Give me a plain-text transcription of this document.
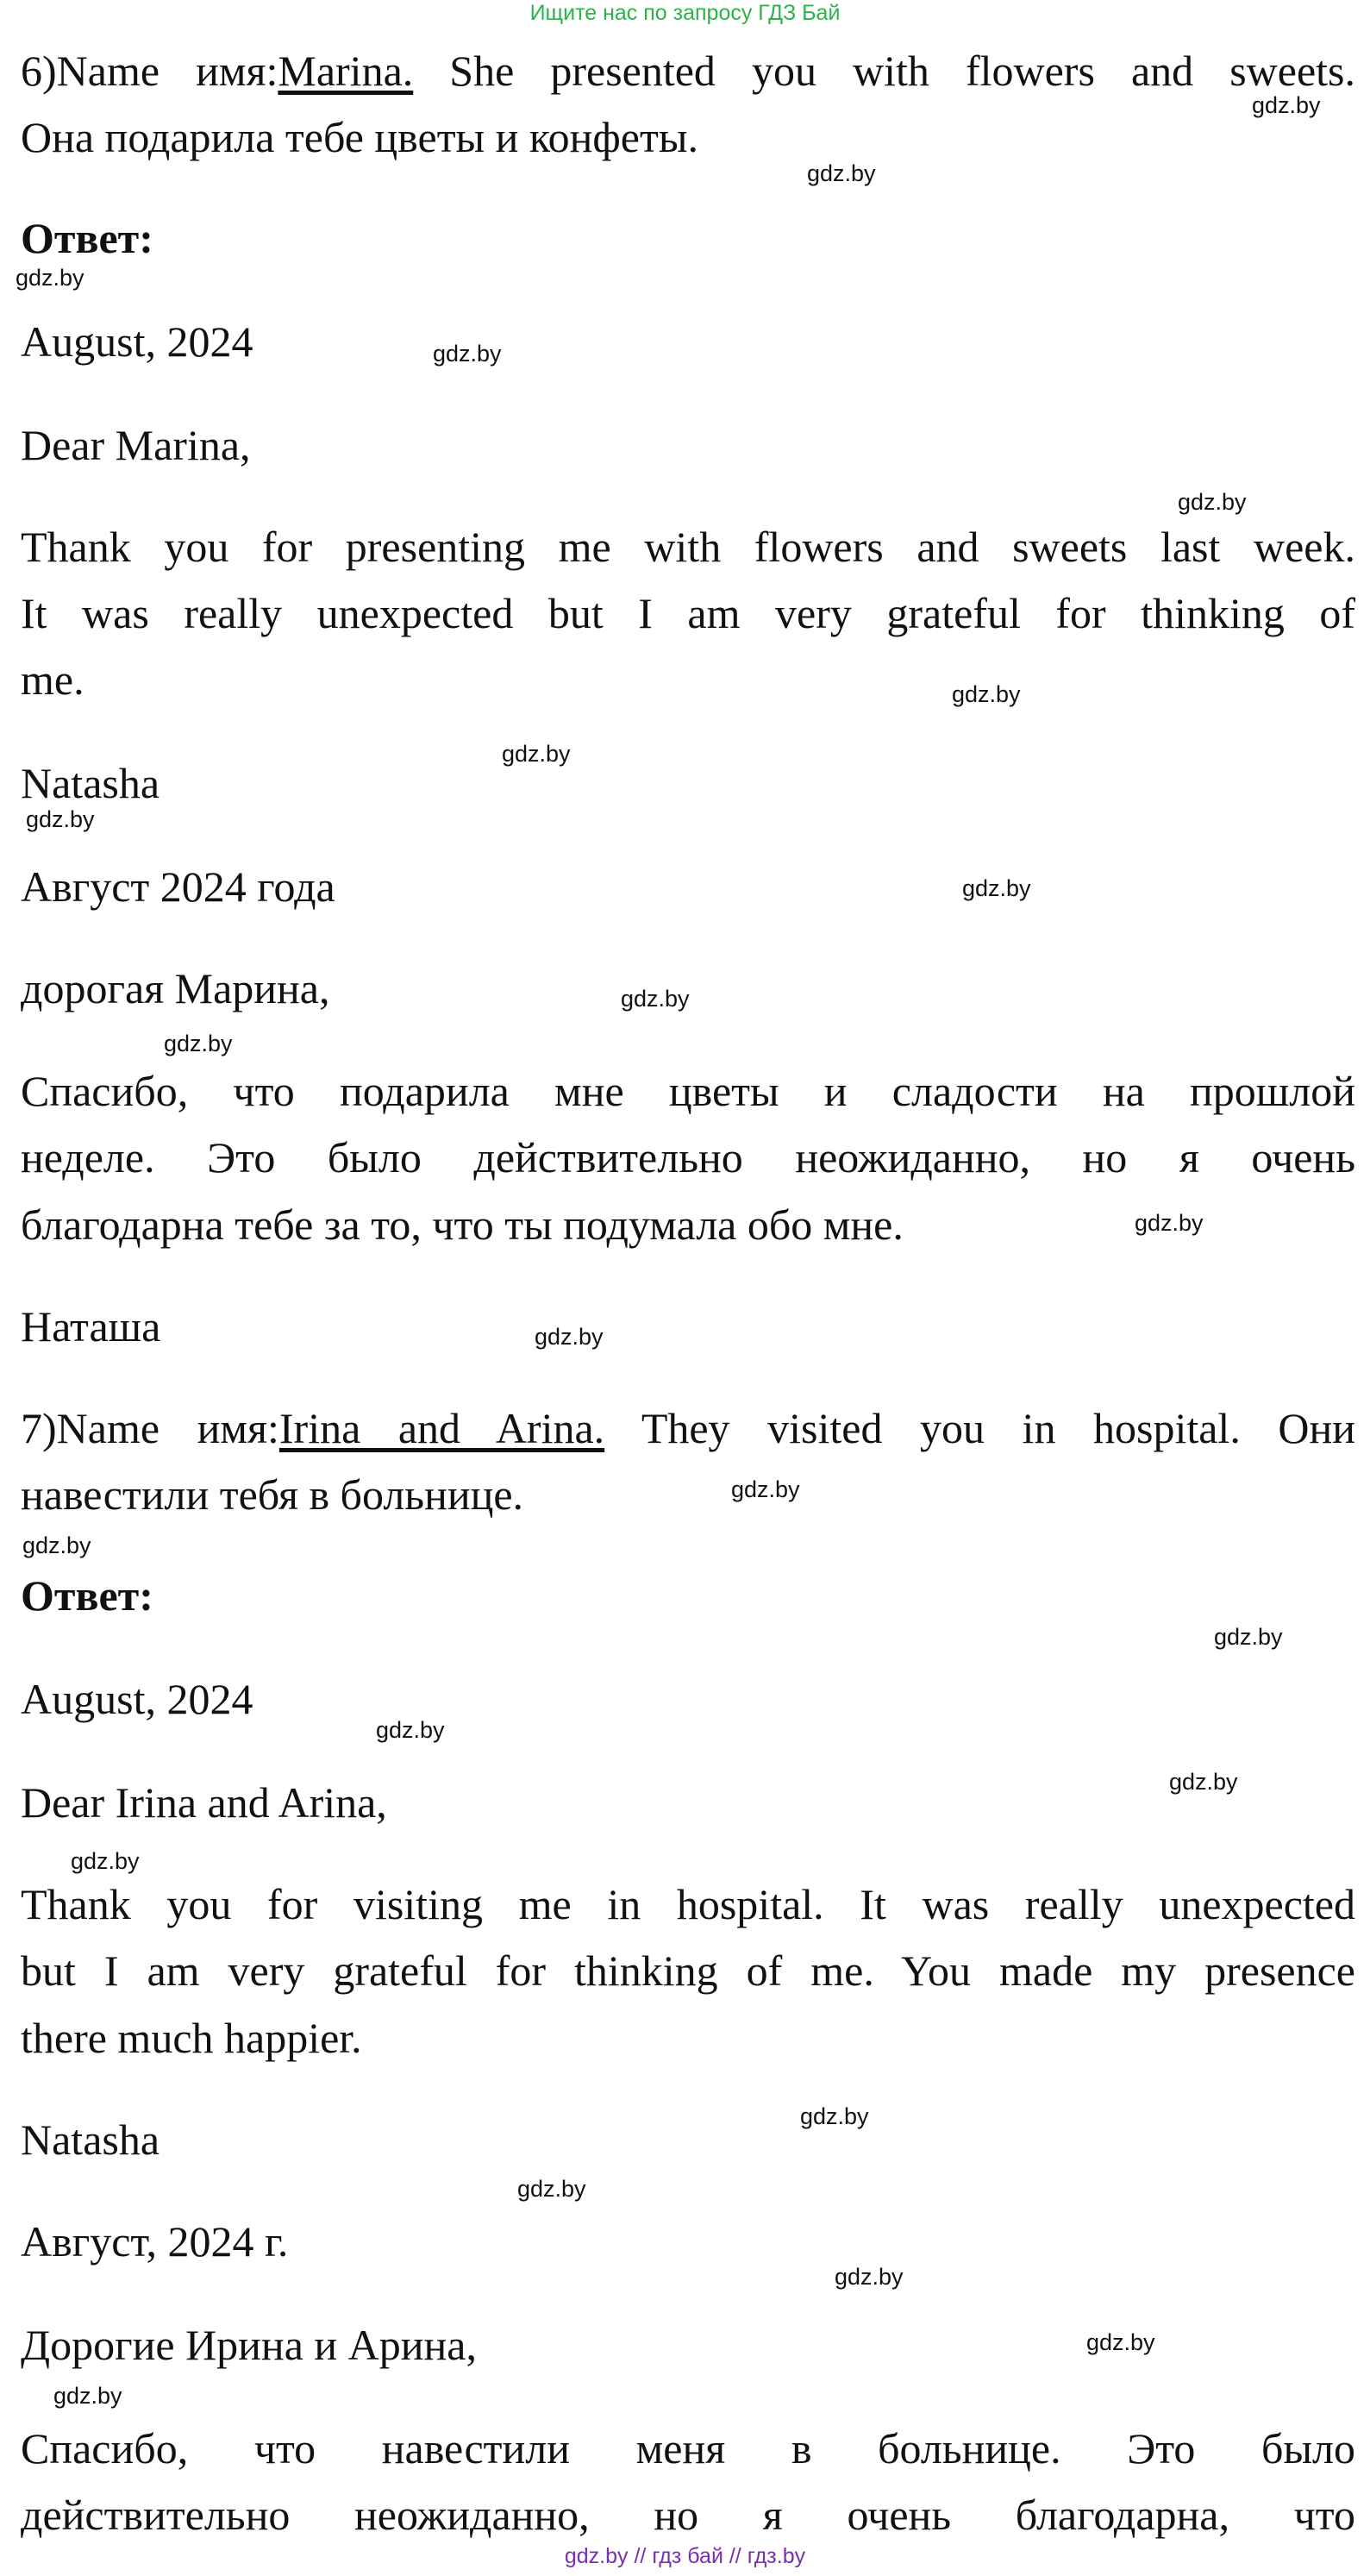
Ищите нас по запросу ГДЗ Бай
6)Name имя:Marina. She presented you with flowers and sweets.
Она подарила тебе цветы и конфеты.
Ответ:
August, 2024
Dear Marina,
Thank you for presenting me with flowers and sweets last week.
It was really unexpected but I am very grateful for thinking of
me.
Natasha
Август 2024 года
дорогая Марина,
Спасибо, что подарила мне цветы и сладости на прошлой
неделе. Это было действительно неожиданно, но я очень
благодарна тебе за то, что ты подумала обо мне.
Наташа
7)Name имя:Irina and Arina. They visited you in hospital. Они
навестили тебя в больнице.
Ответ:
August, 2024
Dear Irina and Arina,
Thank you for visiting me in hospital. It was really unexpected
but I am very grateful for thinking of me. You made my presence
there much happier.
Natasha
Август, 2024 г.
Дорогие Ирина и Арина,
Спасибо, что навестили меня в больнице. Это было
действительно неожиданно, но я очень благодарна, что
gdz.by
gdz.by
gdz.by
gdz.by
gdz.by
gdz.by
gdz.by
gdz.by
gdz.by
gdz.by
gdz.by
gdz.by
gdz.by
gdz.by
gdz.by
gdz.by
gdz.by
gdz.by
gdz.by
gdz.by
gdz.by
gdz.by
gdz.by
gdz.by
gdz.by // гдз бай // гдз.by
